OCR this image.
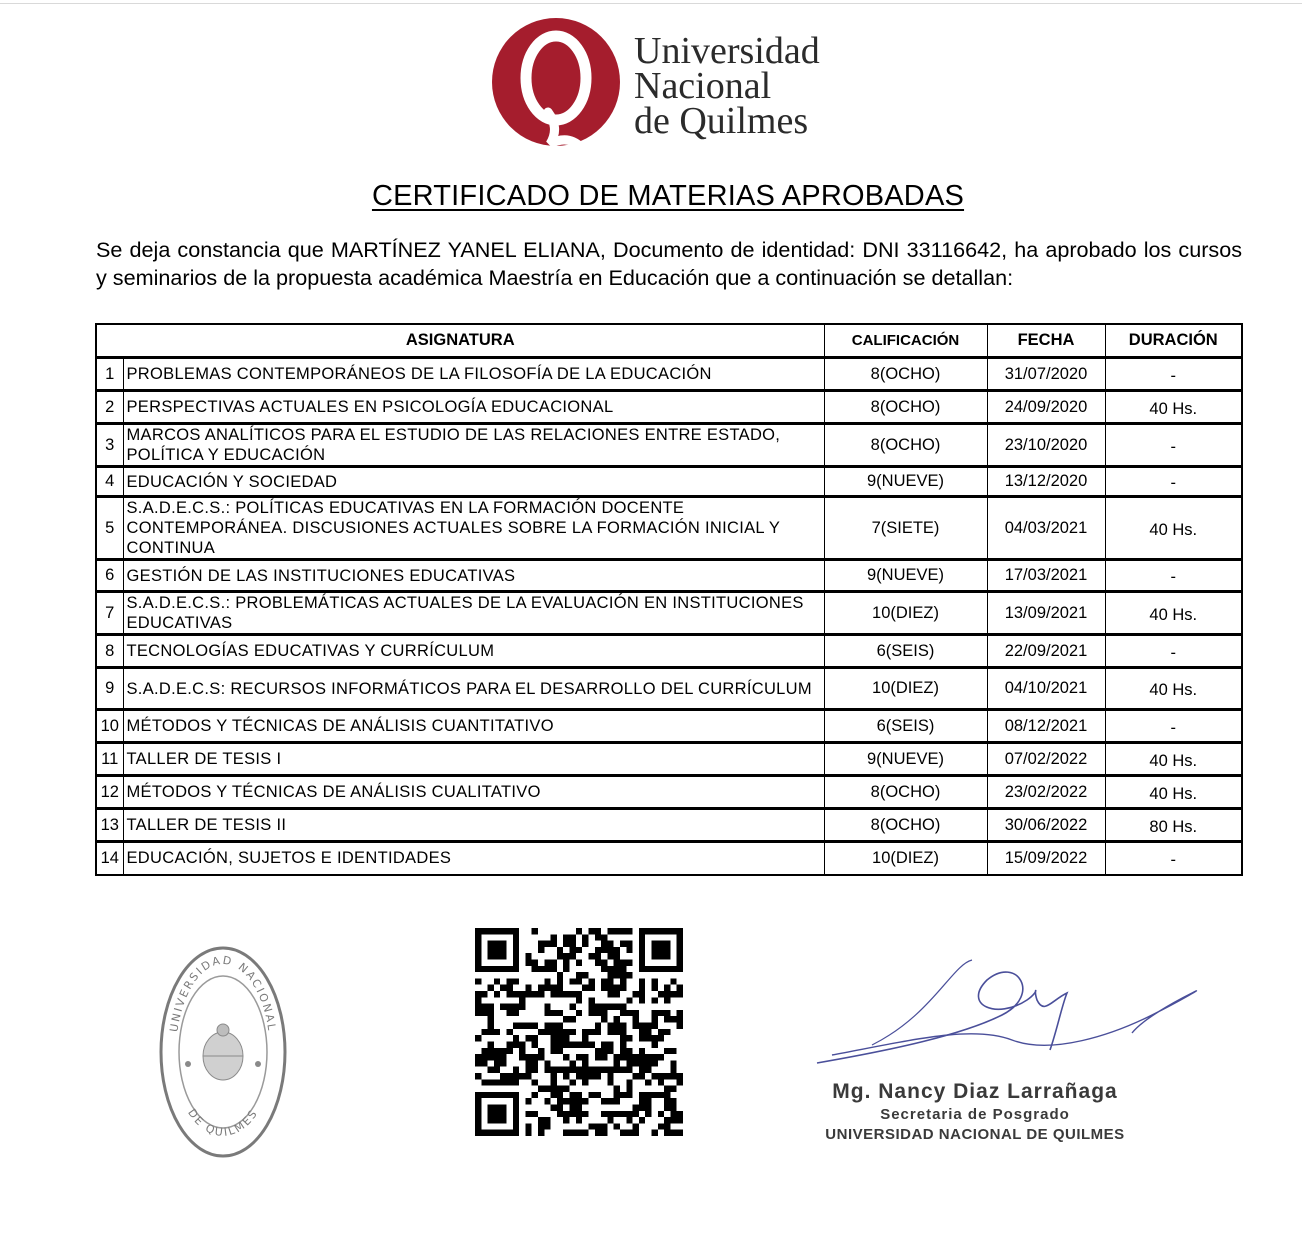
Universidad
Nacional
de Quilmes
CERTIFICADO DE MATERIAS APROBADAS
Se deja constancia que MARTÍNEZ YANEL ELIANA, Documento de identidad: DNI 33116642, ha aprobado los cursos y seminarios de la propuesta académica Maestría en Educación que a continuación se detallan:
ASIGNATURA		CALIFICACIÓN	FECHA	DURACIÓN
1	PROBLEMAS CONTEMPORÁNEOS DE LA FILOSOFÍA DE LA EDUCACIÓN	8(OCHO)	31/07/2020	-
2	PERSPECTIVAS ACTUALES EN PSICOLOGÍA EDUCACIONAL	8(OCHO)	24/09/2020	40 Hs.
3	MARCOS ANALÍTICOS PARA EL ESTUDIO DE LAS RELACIONES ENTRE ESTADO, POLÍTICA Y EDUCACIÓN	8(OCHO)	23/10/2020	-
4	EDUCACIÓN Y SOCIEDAD	9(NUEVE)	13/12/2020	-
5	S.A.D.E.C.S.: POLÍTICAS EDUCATIVAS EN LA FORMACIÓN DOCENTE CONTEMPORÁNEA. DISCUSIONES ACTUALES SOBRE LA FORMACIÓN INICIAL Y CONTINUA	7(SIETE)	04/03/2021	40 Hs.
6	GESTIÓN DE LAS INSTITUCIONES EDUCATIVAS	9(NUEVE)	17/03/2021	-
7	S.A.D.E.C.S.: PROBLEMÁTICAS ACTUALES DE LA EVALUACIÓN EN INSTITUCIONES EDUCATIVAS	10(DIEZ)	13/09/2021	40 Hs.
8	TECNOLOGÍAS EDUCATIVAS Y CURRÍCULUM	6(SEIS)	22/09/2021	-
9	S.A.D.E.C.S: RECURSOS INFORMÁTICOS PARA EL DESARROLLO DEL CURRÍCULUM	10(DIEZ)	04/10/2021	40 Hs.
10	MÉTODOS Y TÉCNICAS DE ANÁLISIS CUANTITATIVO	6(SEIS)	08/12/2021	-
11	TALLER DE TESIS I	9(NUEVE)	07/02/2022	40 Hs.
12	MÉTODOS Y TÉCNICAS DE ANÁLISIS CUALITATIVO	8(OCHO)	23/02/2022	40 Hs.
13	TALLER DE TESIS II	8(OCHO)	30/06/2022	80 Hs.
14	EDUCACIÓN, SUJETOS E IDENTIDADES	10(DIEZ)	15/09/2022	-
UNIVERSIDAD NACIONAL
DE QUILMES
Mg. Nancy Diaz Larrañaga
Secretaria de Posgrado
UNIVERSIDAD NACIONAL DE QUILMES
